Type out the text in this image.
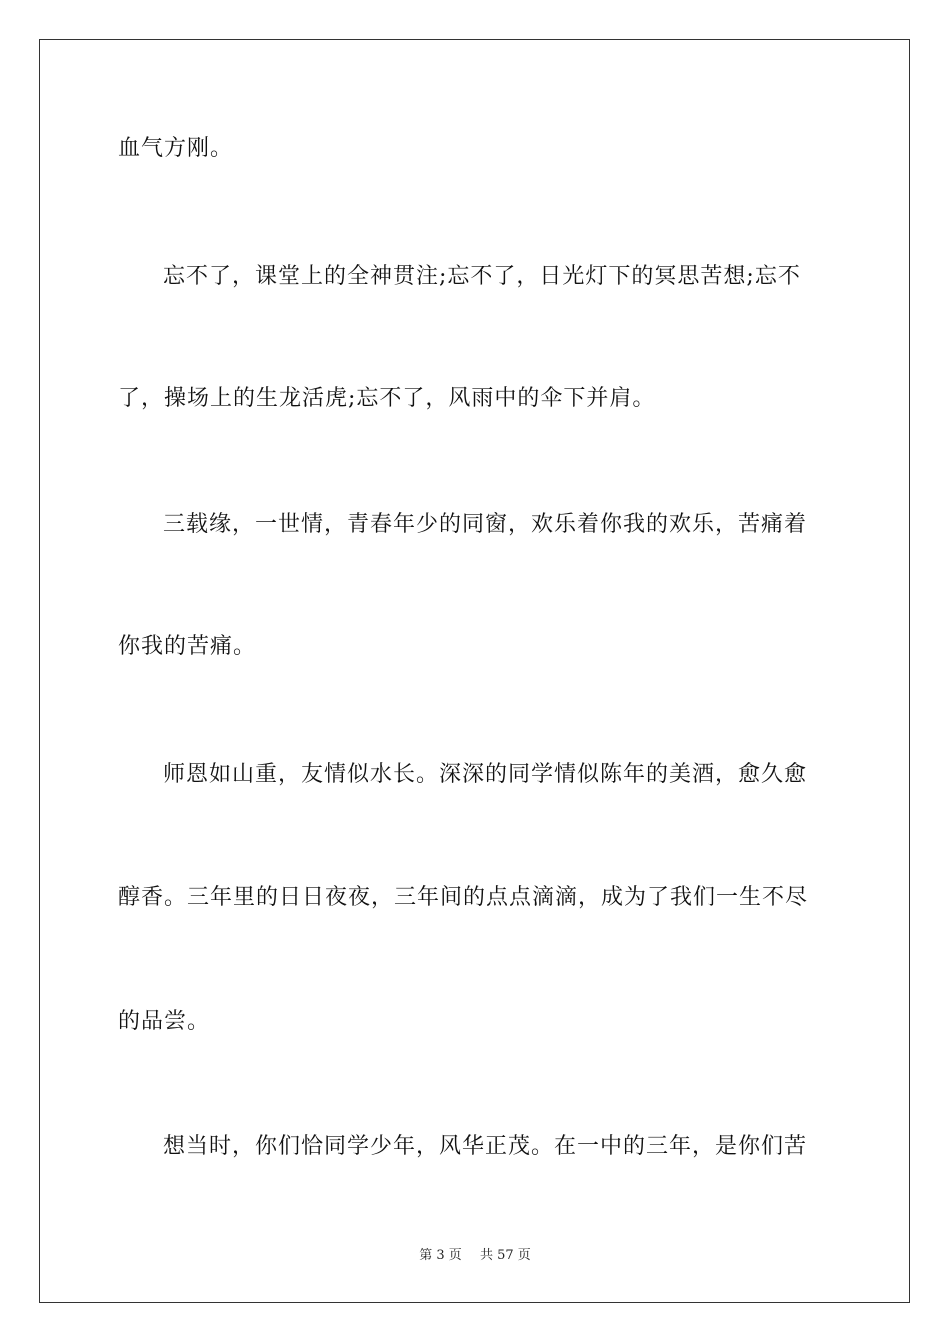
血气方刚。
忘不了，课堂上的全神贯注;忘不了，日光灯下的冥思苦想;忘不
了，操场上的生龙活虎;忘不了，风雨中的伞下并肩。
三载缘，一世情，青春年少的同窗，欢乐着你我的欢乐，苦痛着
你我的苦痛。
师恩如山重，友情似水长。深深的同学情似陈年的美酒，愈久愈
醇香。三年里的日日夜夜，三年间的点点滴滴，成为了我们一生不尽
的品尝。
想当时，你们恰同学少年，风华正茂。在一中的三年，是你们苦
第 3 页 共 57 页
